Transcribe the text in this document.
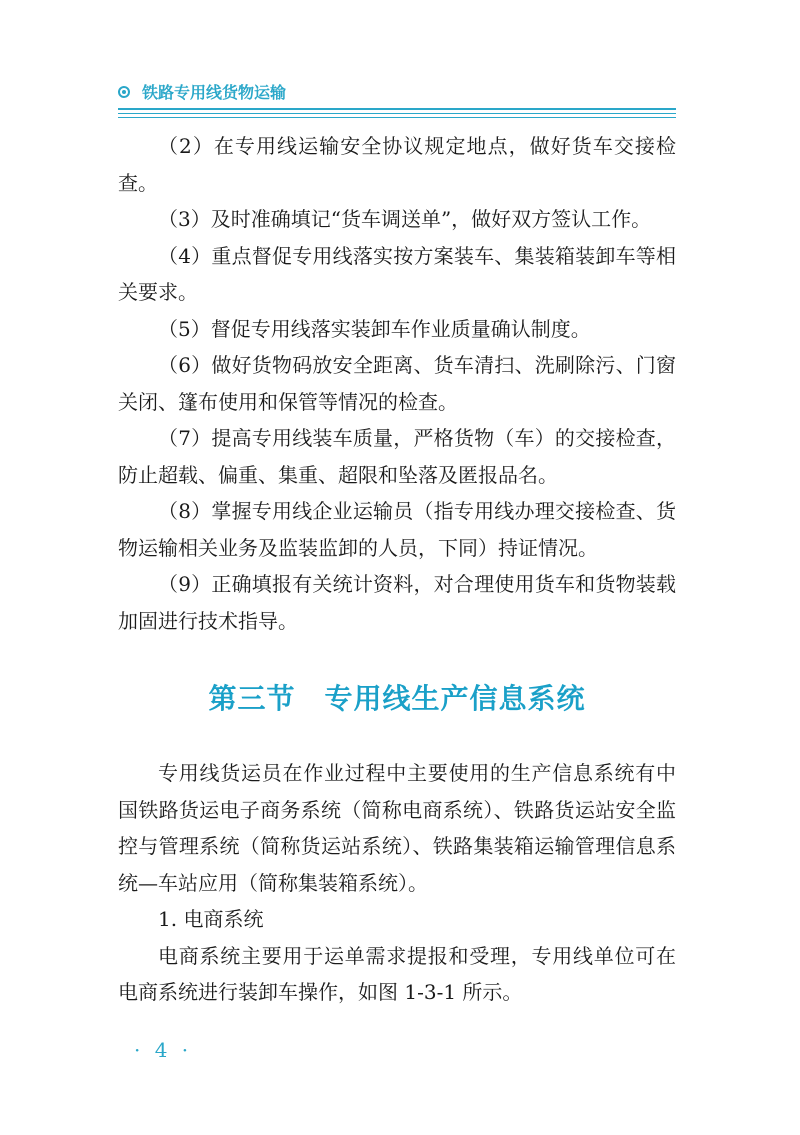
铁路专用线货物运输

（2）在专用线运输安全协议规定地点，做好货车交接检查。

（3）及时准确填记“货车调送单”，做好双方签认工作。

（4）重点督促专用线落实按方案装车、集装箱装卸车等相关要求。

（5）督促专用线落实装卸车作业质量确认制度。

（6）做好货物码放安全距离、货车清扫、洗刷除污、门窗关闭、篷布使用和保管等情况的检查。

（7）提高专用线装车质量，严格货物（车）的交接检查，防止超载、偏重、集重、超限和坠落及匿报品名。

（8）掌握专用线企业运输员（指专用线办理交接检查、货物运输相关业务及监装监卸的人员，下同）持证情况。

（9）正确填报有关统计资料，对合理使用货车和货物装载加固进行技术指导。

第三节　专用线生产信息系统

专用线货运员在作业过程中主要使用的生产信息系统有中国铁路货运电子商务系统（简称电商系统）、铁路货运站安全监控与管理系统（简称货运站系统）、铁路集装箱运输管理信息系统—车站应用（简称集装箱系统）。

1. 电商系统

电商系统主要用于运单需求提报和受理，专用线单位可在电商系统进行装卸车操作，如图 1-3-1 所示。

· 4 ·
